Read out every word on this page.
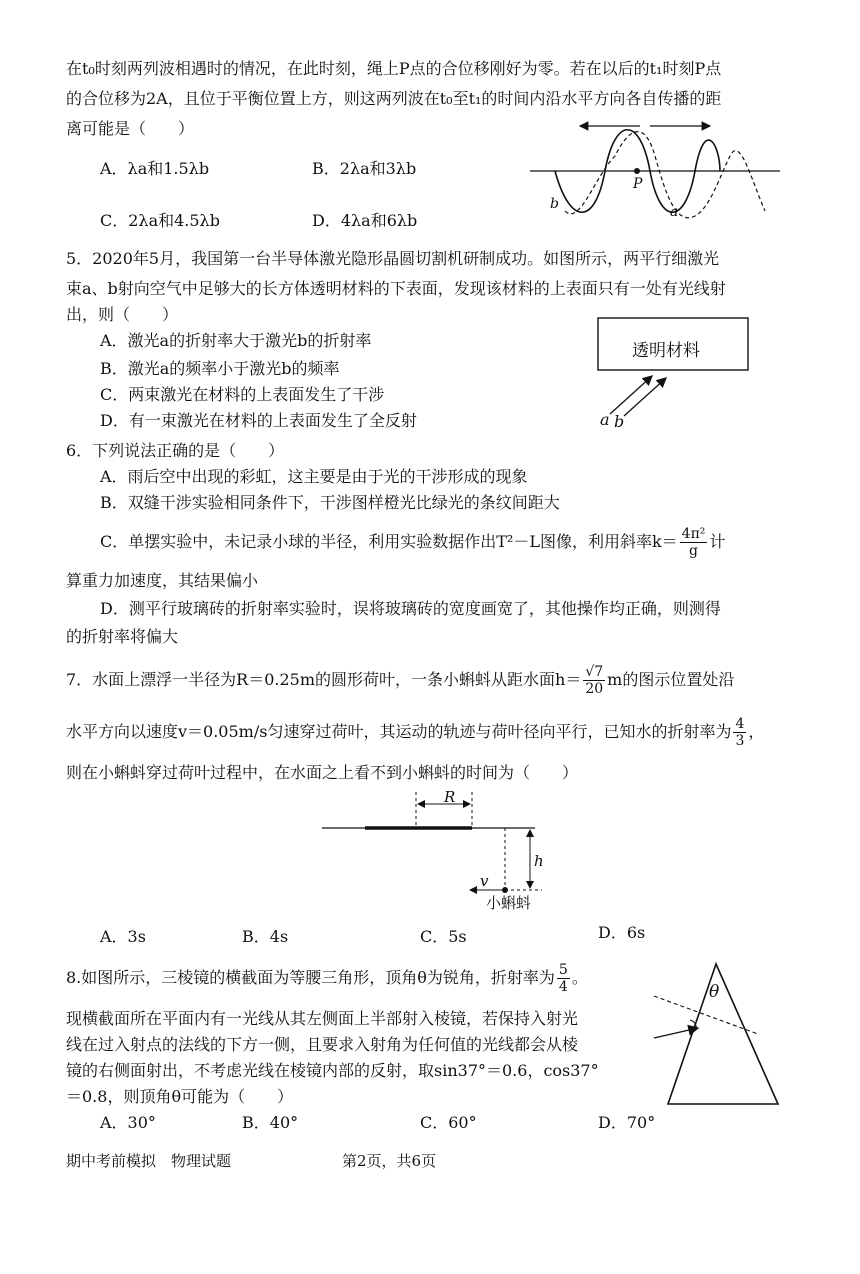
在t₀时刻两列波相遇时的情况，在此时刻，绳上P点的合位移刚好为零。若在以后的t₁时刻P点
的合位移为2A，且位于平衡位置上方，则这两列波在t₀至t₁的时间内沿水平方向各自传播的距
离可能是（　　）
A．λa和1.5λb	B．2λa和3λb
C．2λa和4.5λb	D．4λa和6λb
P
b	a
5．2020年5月，我国第一台半导体激光隐形晶圆切割机研制成功。如图所示，两平行细激光
束a、b射向空气中足够大的长方体透明材料的下表面，发现该材料的上表面只有一处有光线射
出，则（　　）
A．激光a的折射率大于激光b的折射率
B．激光a的频率小于激光b的频率
C．两束激光在材料的上表面发生了干涉
D．有一束激光在材料的上表面发生了全反射
透明材料
a b
6．下列说法正确的是（　　）
A．雨后空中出现的彩虹，这主要是由于光的干涉形成的现象
B．双缝干涉实验相同条件下，干涉图样橙光比绿光的条纹间距大
C．单摆实验中，未记录小球的半径，利用实验数据作出T²－L图像，利用斜率$k= \frac{\text{4π²}}{g}$ 计
算重力加速度，其结果偏小
D．测平行玻璃砖的折射率实验时，误将玻璃砖的宽度画宽了，其他操作均正确，则测得
的折射率将偏大
7．水面上漂浮一半径为R＝0.25m的圆形荷叶，一条小蝌蚪从距水面$h= \frac{√7}{20}$ m的图示位置处沿
水平方向以速度v＝0.05m/s匀速穿过荷叶，其运动的轨迹与荷叶径向平行，已知水的折射率为 $\frac{4}{3}$ ，
则在小蝌蚪穿过荷叶过程中，在水面之上看不到小蝌蚪的时间为（　　）
R
h
v
小蝌蚪
A．3s	B．4s	C．5s	D．6s
8.如图所示，三棱镜的横截面为等腰三角形，顶角θ为锐角，折射率为 $\frac{5}{4}$ 。
现横截面所在平面内有一光线从其左侧面上半部射入棱镜，若保持入射光
线在过入射点的法线的下方一侧，且要求入射角为任何值的光线都会从棱
镜的右侧面射出，不考虑光线在棱镜内部的反射，取sin37°＝0.6，cos37°
＝0.8，则顶角θ可能为（　　）
θ
A．30°	B．40°	C．60°	D．70°
期中考前模拟　物理试题	第2页，共6页
